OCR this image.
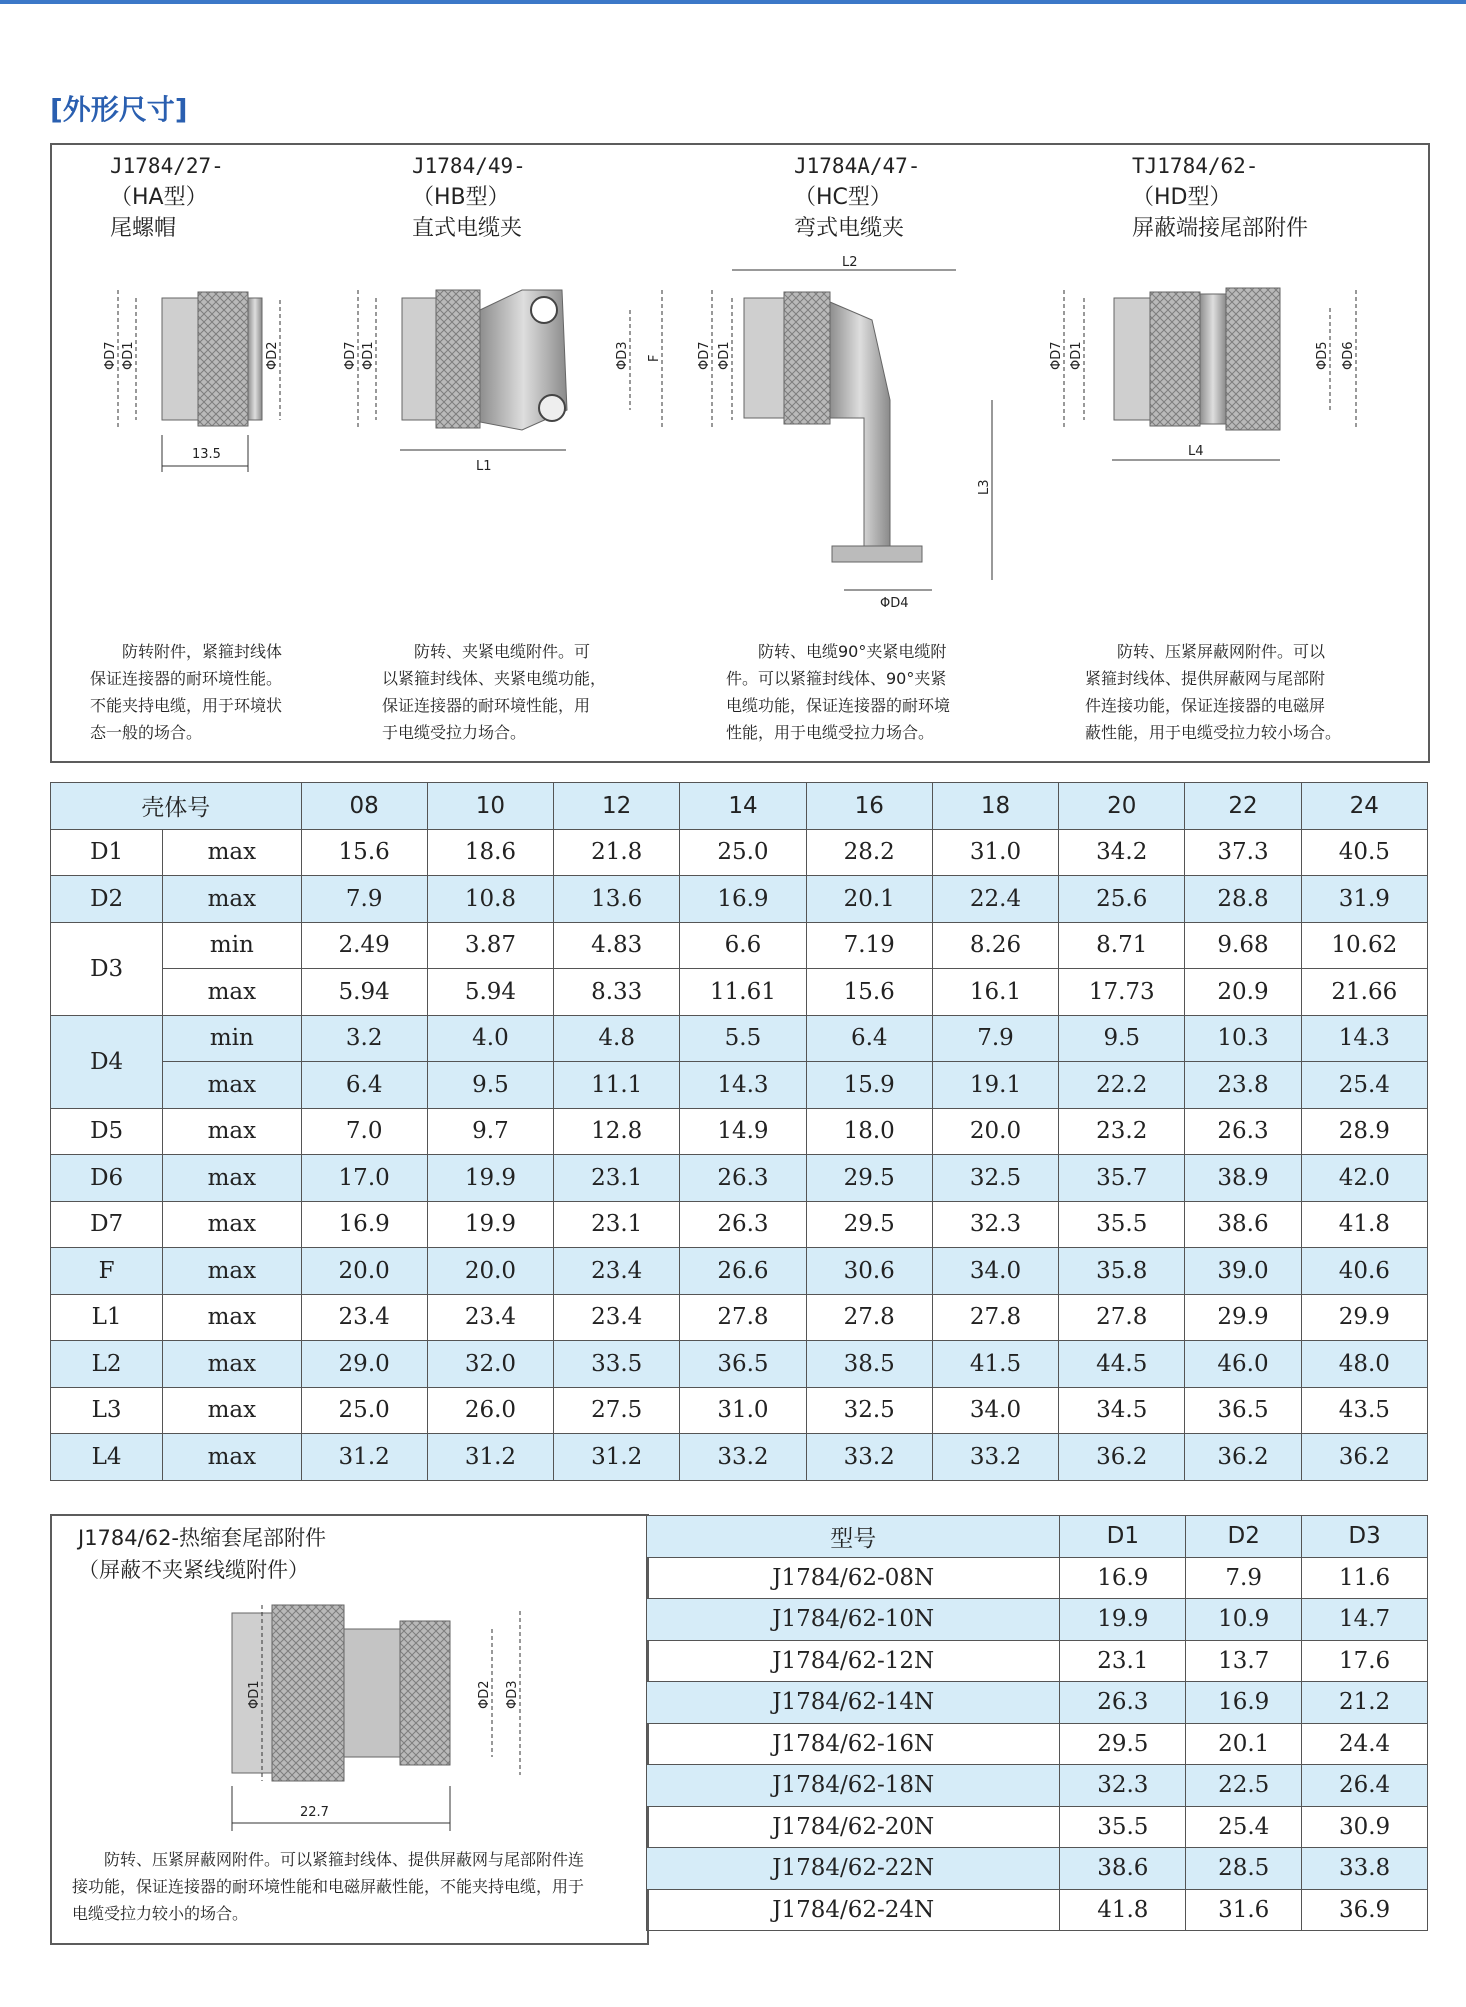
[外形尺寸]
J1784/27-
（HA型）
尾螺帽
J1784/49-
（HB型）
直式电缆夹
J1784A/47-
（HC型）
弯式电缆夹
TJ1784/62-
（HD型）
屏蔽端接尾部附件
ΦD7 ΦD1	ΦD2
13.5
ΦD7 ΦD1	ΦD3 F
L1
ΦD7 ΦD1
L2
L3
ΦD4
ΦD7 ΦD1	ΦD5 ΦD6
L4
防转附件，紧箍封线体
保证连接器的耐环境性能。
不能夹持电缆，用于环境状
态一般的场合。
防转、夹紧电缆附件。可
以紧箍封线体、夹紧电缆功能，
保证连接器的耐环境性能，用
于电缆受拉力场合。
防转、电缆90°夹紧电缆附
件。可以紧箍封线体、90°夹紧
电缆功能，保证连接器的耐环境
性能，用于电缆受拉力场合。
防转、压紧屏蔽网附件。可以
紧箍封线体、提供屏蔽网与尾部附
件连接功能，保证连接器的电磁屏
蔽性能，用于电缆受拉力较小场合。
壳体号		08	10	12	14	16	18	20	22	24
D1	max	15.6	18.6	21.8	25.0	28.2	31.0	34.2	37.3	40.5
D2	max	7.9	10.8	13.6	16.9	20.1	22.4	25.6	28.8	31.9
D3	min	2.49	3.87	4.83	6.6	7.19	8.26	8.71	9.68	10.62
	max	5.94	5.94	8.33	11.61	15.6	16.1	17.73	20.9	21.66
D4	min	3.2	4.0	4.8	5.5	6.4	7.9	9.5	10.3	14.3
	max	6.4	9.5	11.1	14.3	15.9	19.1	22.2	23.8	25.4
D5	max	7.0	9.7	12.8	14.9	18.0	20.0	23.2	26.3	28.9
D6	max	17.0	19.9	23.1	26.3	29.5	32.5	35.7	38.9	42.0
D7	max	16.9	19.9	23.1	26.3	29.5	32.3	35.5	38.6	41.8
F	max	20.0	20.0	23.4	26.6	30.6	34.0	35.8	39.0	40.6
L1	max	23.4	23.4	23.4	27.8	27.8	27.8	27.8	29.9	29.9
L2	max	29.0	32.0	33.5	36.5	38.5	41.5	44.5	46.0	48.0
L3	max	25.0	26.0	27.5	31.0	32.5	34.0	34.5	36.5	43.5
L4	max	31.2	31.2	31.2	33.2	33.2	33.2	36.2	36.2	36.2
J1784/62-热缩套尾部附件
（屏蔽不夹紧线缆附件）
ΦD1	ΦD2 ΦD3
22.7
防转、压紧屏蔽网附件。可以紧箍封线体、提供屏蔽网与尾部附件连
接功能，保证连接器的耐环境性能和电磁屏蔽性能，不能夹持电缆，用于
电缆受拉力较小的场合。
型号	D1	D2	D3
J1784/62-08N	16.9	7.9	11.6
J1784/62-10N	19.9	10.9	14.7
J1784/62-12N	23.1	13.7	17.6
J1784/62-14N	26.3	16.9	21.2
J1784/62-16N	29.5	20.1	24.4
J1784/62-18N	32.3	22.5	26.4
J1784/62-20N	35.5	25.4	30.9
J1784/62-22N	38.6	28.5	33.8
J1784/62-24N	41.8	31.6	36.9
